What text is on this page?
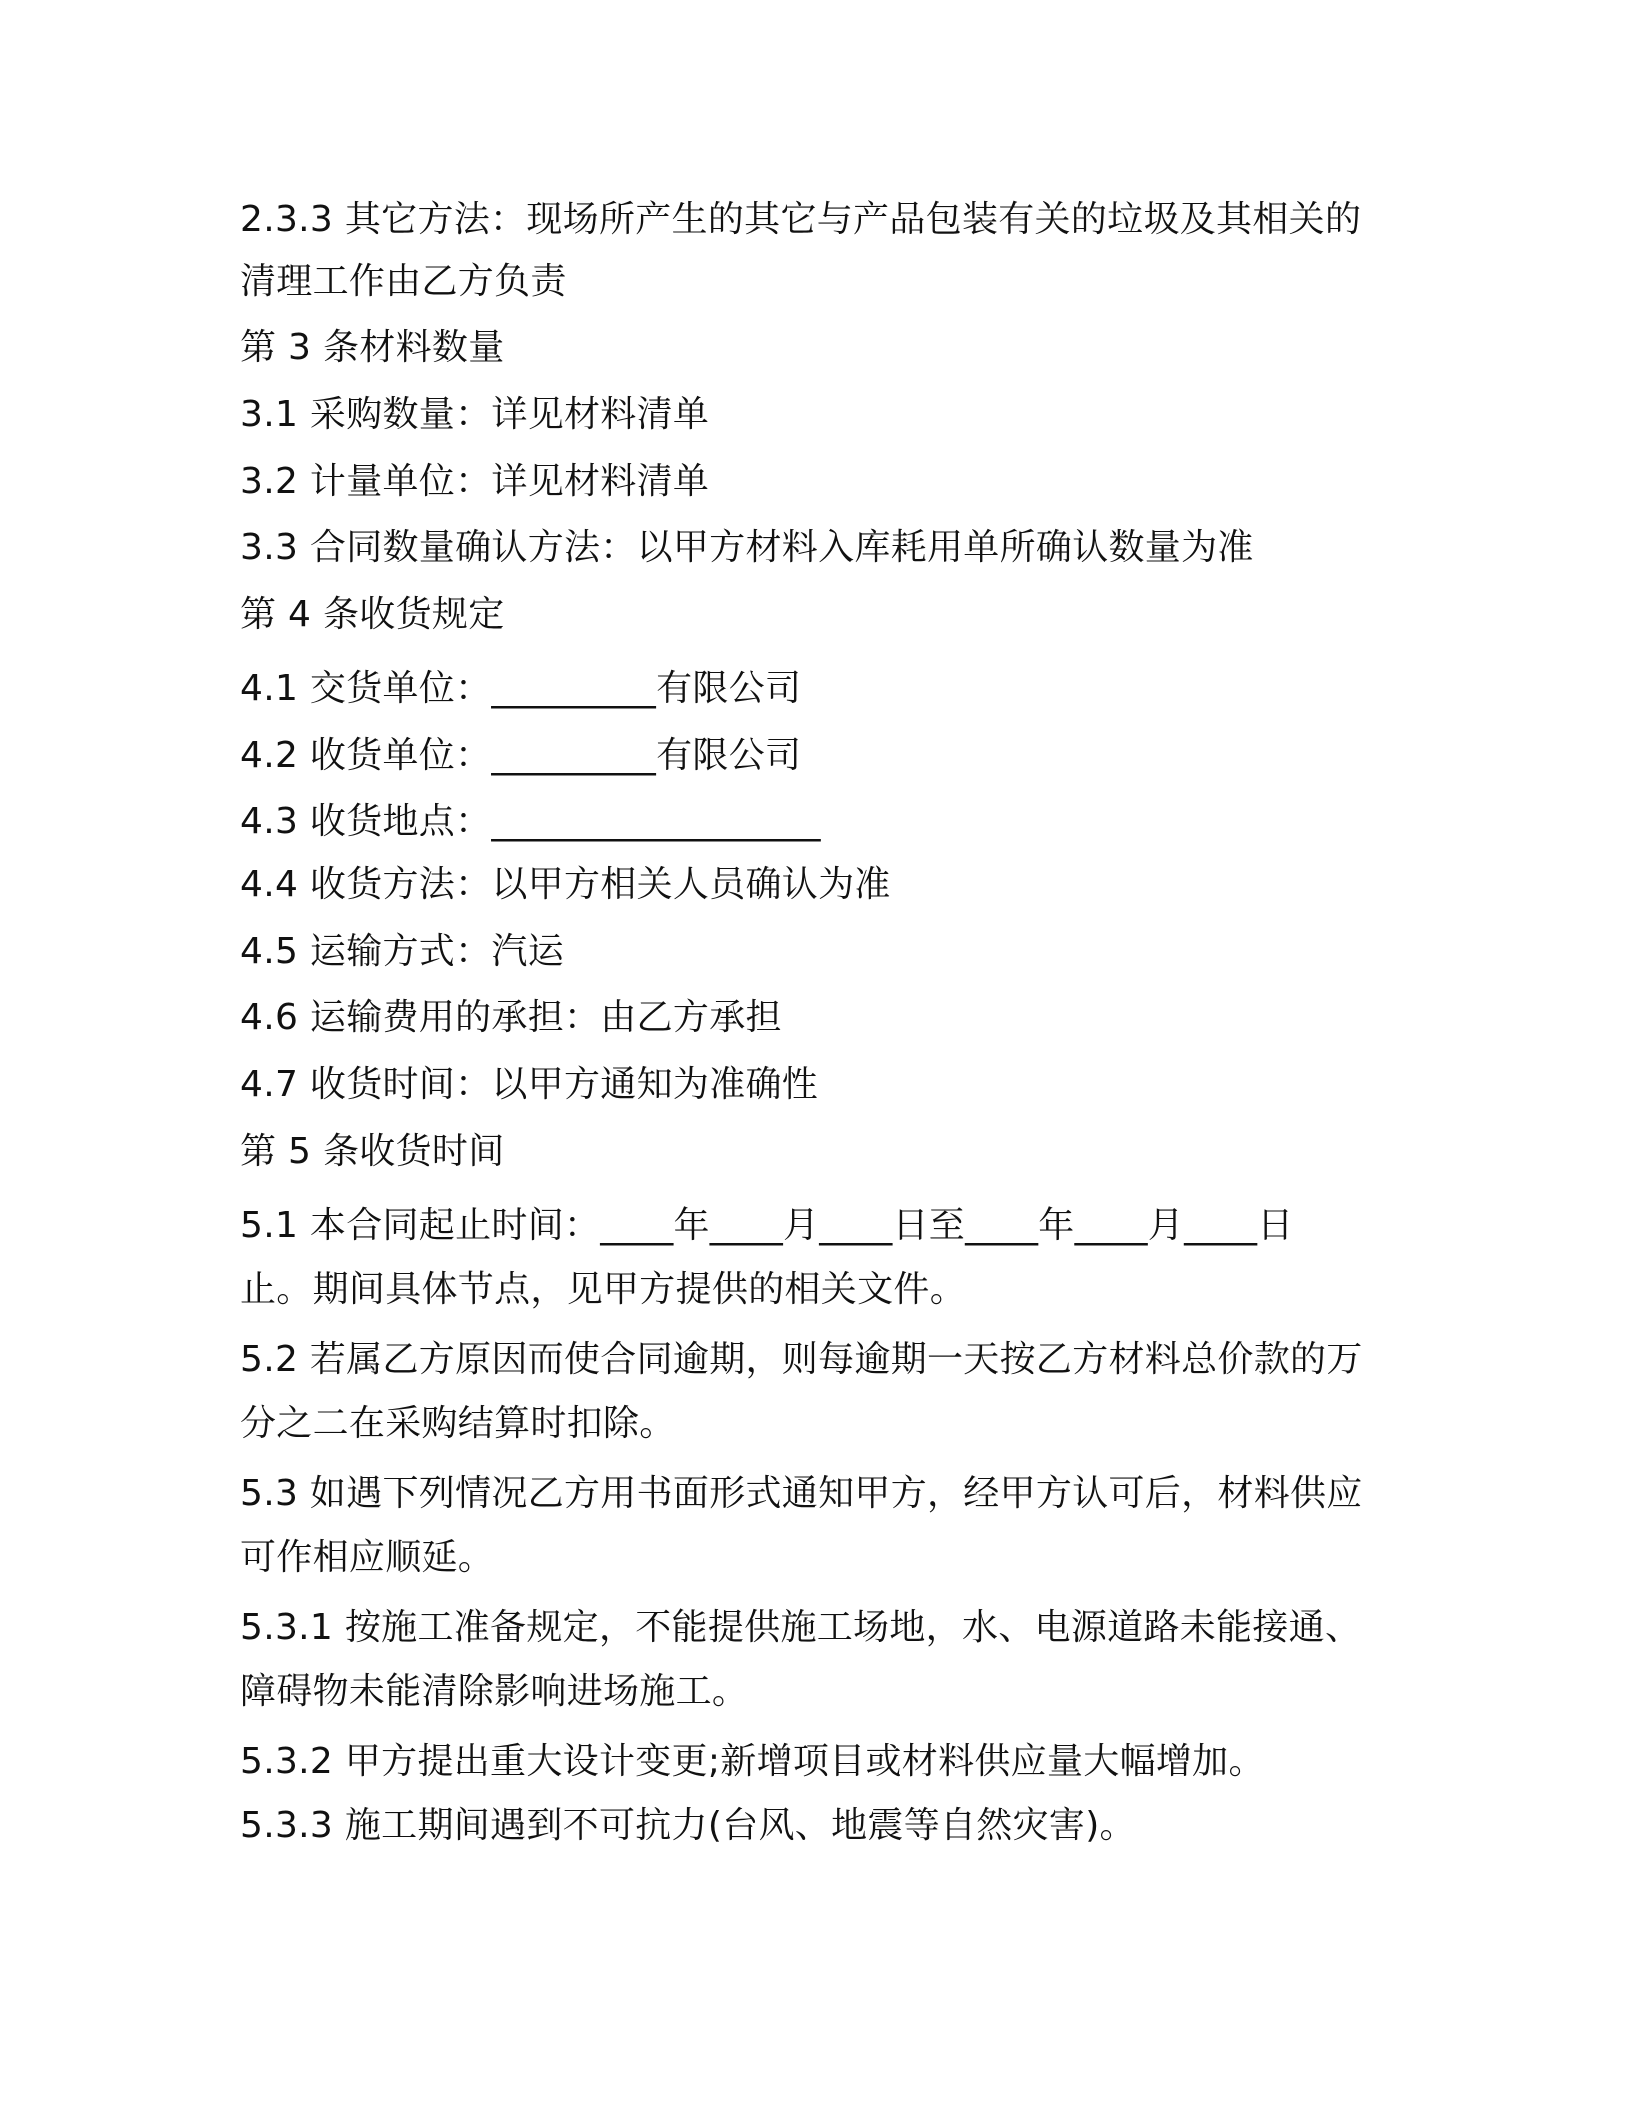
2.3.3 其它方法：现场所产生的其它与产品包装有关的垃圾及其相关的
清理工作由乙方负责
第 3 条材料数量
3.1 采购数量：详见材料清单
3.2 计量单位：详见材料清单
3.3 合同数量确认方法：以甲方材料入库耗用单所确认数量为准
第 4 条收货规定
4.1 交货单位：_________有限公司
4.2 收货单位：_________有限公司
4.3 收货地点：__________________
4.4 收货方法：以甲方相关人员确认为准
4.5 运输方式：汽运
4.6 运输费用的承担：由乙方承担
4.7 收货时间：以甲方通知为准确性
第 5 条收货时间
5.1 本合同起止时间：____年____月____日至____年____月____日
止。期间具体节点，见甲方提供的相关文件。
5.2 若属乙方原因而使合同逾期，则每逾期一天按乙方材料总价款的万
分之二在采购结算时扣除。
5.3 如遇下列情况乙方用书面形式通知甲方，经甲方认可后，材料供应
可作相应顺延。
5.3.1 按施工准备规定，不能提供施工场地，水、电源道路未能接通、
障碍物未能清除影响进场施工。
5.3.2 甲方提出重大设计变更;新增项目或材料供应量大幅增加。
5.3.3 施工期间遇到不可抗力(台风、地震等自然灾害)。
